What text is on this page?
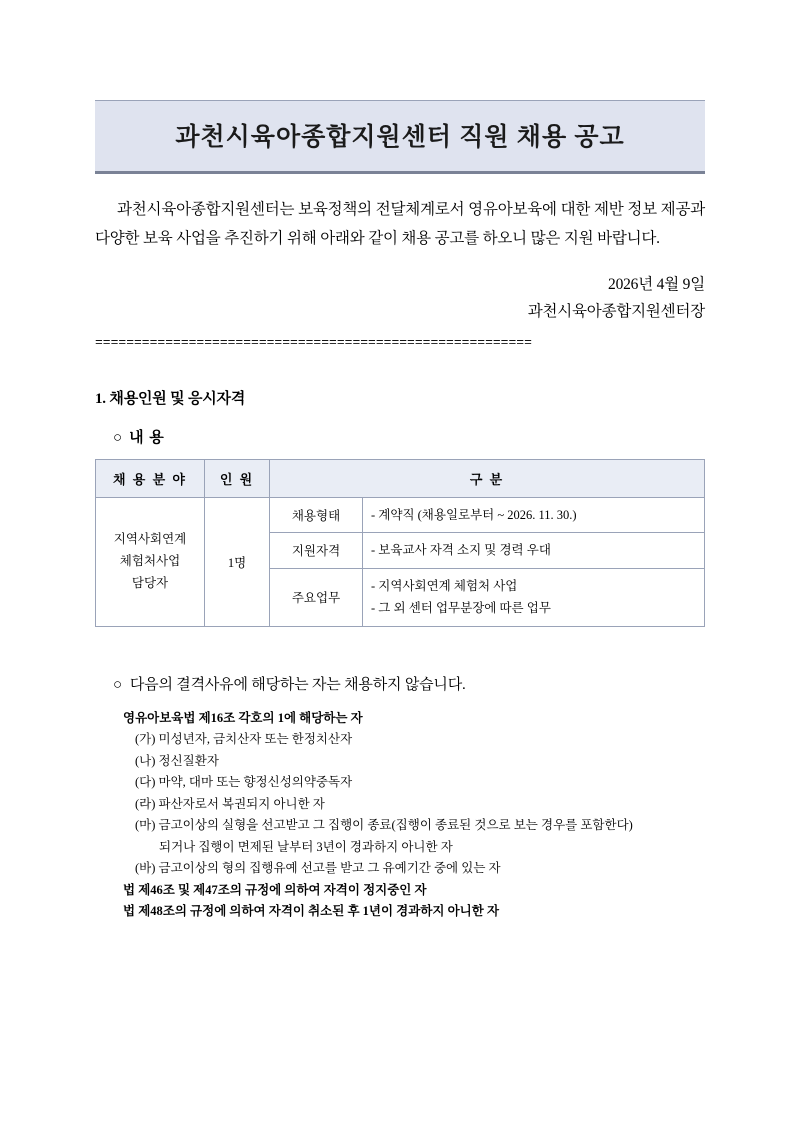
과천시육아종합지원센터 직원 채용 공고

과천시육아종합지원센터는 보육정책의 전달체계로서 영유아보육에 대한 제반 정보 제공과 다양한 보육 사업을 추진하기 위해 아래와 같이 채용 공고를 하오니 많은 지원 바랍니다.

2026년 4월 9일
과천시육아종합지원센터장
========================================================
1. 채용인원 및 응시자격
○ 내 용
채 용 분 야	인 원	구 분	

지역사회연계
체험처사업
담당자	1명	채용형태	- 계약직 (채용일로부터 ~ 2026. 11. 30.)

		지원자격	- 보육교사 자격 소지 및 경력 우대

		주요업무	- 지역사회연계 체험처 사업
- 그 외 센터 업무분장에 따른 업무
○ 다음의 결격사유에 해당하는 자는 채용하지 않습니다.
영유아보육법 제16조 각호의 1에 해당하는 자
(가) 미성년자, 금치산자 또는 한정치산자
(나) 정신질환자
(다) 마약, 대마 또는 향정신성의약중독자
(라) 파산자로서 복권되지 아니한 자
(마) 금고이상의 실형을 선고받고 그 집행이 종료(집행이 종료된 것으로 보는 경우를 포함한다)
되거나 집행이 면제된 날부터 3년이 경과하지 아니한 자
(바) 금고이상의 형의 집행유예 선고를 받고 그 유예기간 중에 있는 자
법 제46조 및 제47조의 규정에 의하여 자격이 정지중인 자
법 제48조의 규정에 의하여 자격이 취소된 후 1년이 경과하지 아니한 자
